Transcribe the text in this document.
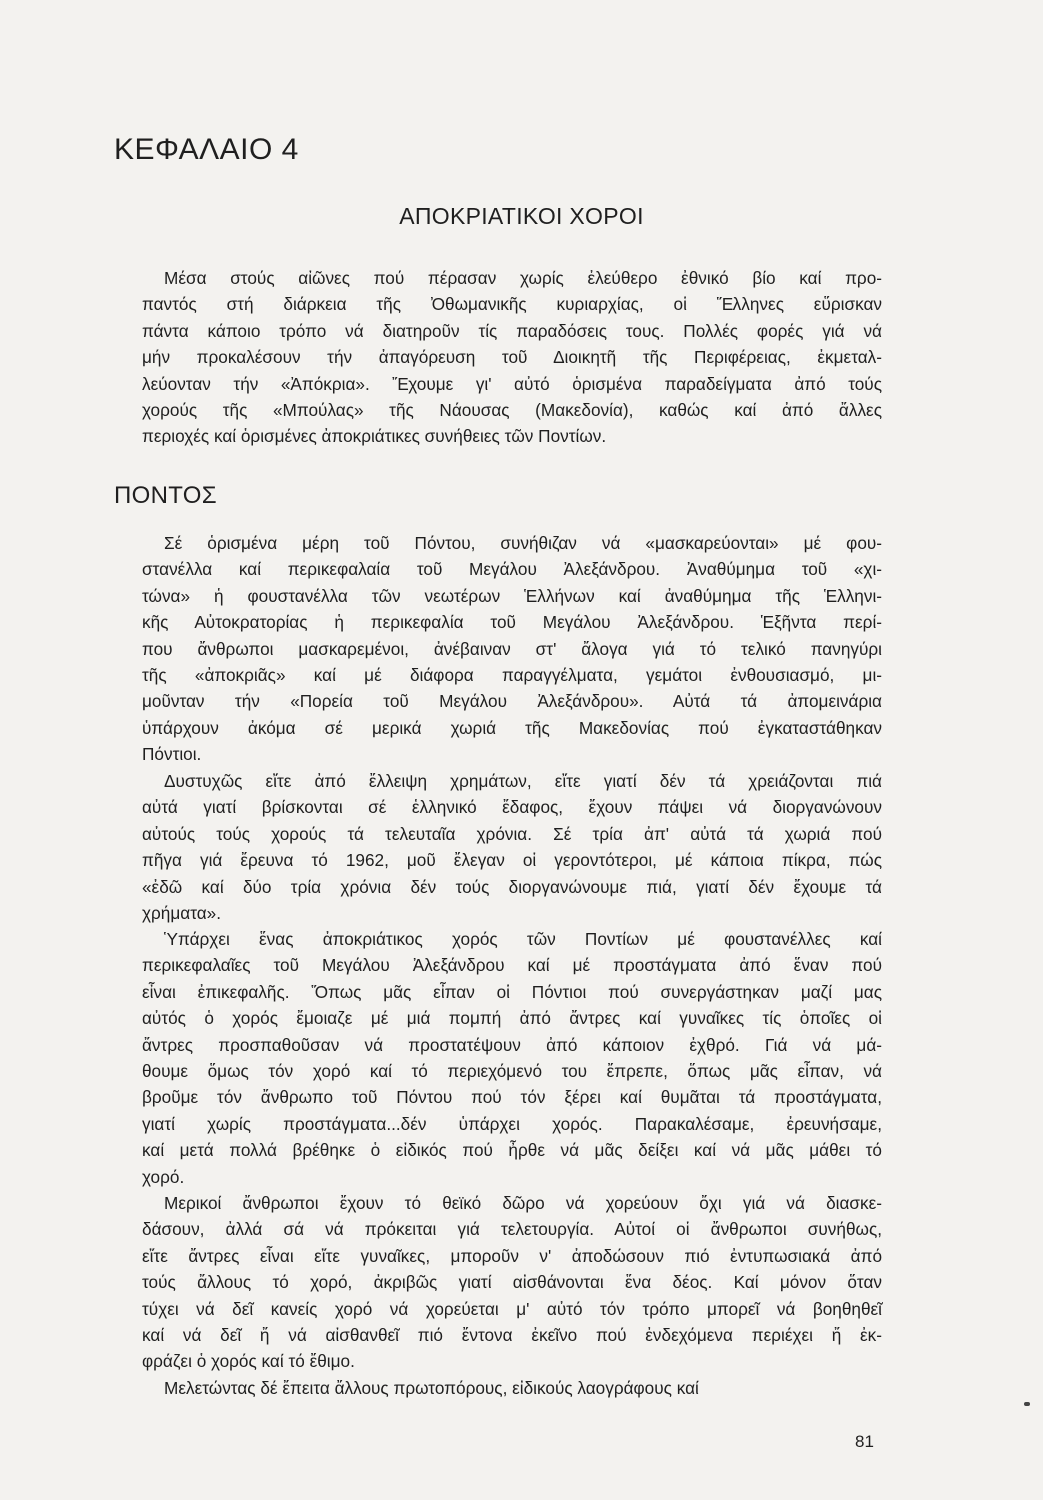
ΚΕΦΑΛΑΙΟ 4
ΑΠΟΚΡΙΑΤΙΚΟΙ ΧΟΡΟΙ
Μέσα στούς αἰῶνες πού πέρασαν χωρίς ἐλεύθερο ἐθνικό βίο καί προ-
παντός στή διάρκεια τῆς Ὀθωμανικῆς κυριαρχίας, οἱ Ἕλληνες εὕρισκαν
πάντα κάποιο τρόπο νά διατηροῦν τίς παραδόσεις τους. Πολλές φορές γιά νά
μήν προκαλέσουν τήν ἀπαγόρευση τοῦ Διοικητῆ τῆς Περιφέρειας, ἐκμεταλ-
λεύονταν τήν «Ἀπόκρια». Ἔχουμε γι' αὐτό ὁρισμένα παραδείγματα ἀπό τούς
χορούς τῆς «Μπούλας» τῆς Νάουσας (Μακεδονία), καθώς καί ἀπό ἄλλες
περιοχές καί ὁρισμένες ἀποκριάτικες συνήθειες τῶν Ποντίων.
ΠΟΝΤΟΣ
Σέ ὁρισμένα μέρη τοῦ Πόντου, συνήθιζαν νά «μασκαρεύονται» μέ φου-
στανέλλα καί περικεφαλαία τοῦ Μεγάλου Ἀλεξάνδρου. Ἀναθύμημα τοῦ «χι-
τώνα» ἡ φουστανέλλα τῶν νεωτέρων Ἑλλήνων καί ἀναθύμημα τῆς Ἑλληνι-
κῆς Αὐτοκρατορίας ἡ περικεφαλία τοῦ Μεγάλου Ἀλεξάνδρου. Ἑξῆντα περί-
που ἄνθρωποι μασκαρεμένοι, ἀνέβαιναν στ' ἄλογα γιά τό τελικό πανηγύρι
τῆς «ἀποκριᾶς» καί μέ διάφορα παραγγέλματα, γεμάτοι ἐνθουσιασμό, μι-
μοῦνταν τήν «Πορεία τοῦ Μεγάλου Ἀλεξάνδρου». Αὐτά τά ἀπομεινάρια
ὑπάρχουν ἀκόμα σέ μερικά χωριά τῆς Μακεδονίας πού ἐγκαταστάθηκαν
Πόντιοι.
Δυστυχῶς εἴτε ἀπό ἔλλειψη χρημάτων, εἴτε γιατί δέν τά χρειάζονται πιά
αὐτά γιατί βρίσκονται σέ ἑλληνικό ἔδαφος, ἔχουν πάψει νά διοργανώνουν
αὐτούς τούς χορούς τά τελευταῖα χρόνια. Σέ τρία ἀπ' αὐτά τά χωριά πού
πῆγα γιά ἔρευνα τό 1962, μοῦ ἔλεγαν οἱ γεροντότεροι, μέ κάποια πίκρα, πώς
«ἐδῶ καί δύο τρία χρόνια δέν τούς διοργανώνουμε πιά, γιατί δέν ἔχουμε τά
χρήματα».
Ὑπάρχει ἕνας ἀποκριάτικος χορός τῶν Ποντίων μέ φουστανέλλες καί
περικεφαλαῖες τοῦ Μεγάλου Ἀλεξάνδρου καί μέ προστάγματα ἀπό ἕναν πού
εἶναι ἐπικεφαλῆς. Ὅπως μᾶς εἶπαν οἱ Πόντιοι πού συνεργάστηκαν μαζί μας
αὐτός ὁ χορός ἔμοιαζε μέ μιά πομπή ἀπό ἄντρες καί γυναῖκες τίς ὁποῖες οἱ
ἄντρες προσπαθοῦσαν νά προστατέψουν ἀπό κάποιον ἐχθρό. Γιά νά μά-
θουμε ὅμως τόν χορό καί τό περιεχόμενό του ἔπρεπε, ὅπως μᾶς εἶπαν, νά
βροῦμε τόν ἄνθρωπο τοῦ Πόντου πού τόν ξέρει καί θυμᾶται τά προστάγματα,
γιατί χωρίς προστάγματα...δέν ὑπάρχει χορός. Παρακαλέσαμε, ἐρευνήσαμε,
καί μετά πολλά βρέθηκε ὁ εἰδικός πού ἦρθε νά μᾶς δείξει καί νά μᾶς μάθει τό
χορό.
Μερικοί ἄνθρωποι ἔχουν τό θεϊκό δῶρο νά χορεύουν ὄχι γιά νά διασκε-
δάσουν, ἀλλά σά νά πρόκειται γιά τελετουργία. Αὐτοί οἱ ἄνθρωποι συνήθως,
εἴτε ἄντρες εἶναι εἴτε γυναῖκες, μποροῦν ν' ἀποδώσουν πιό ἐντυπωσιακά ἀπό
τούς ἄλλους τό χορό, ἀκριβῶς γιατί αἰσθάνονται ἕνα δέος. Καί μόνον ὅταν
τύχει νά δεῖ κανείς χορό νά χορεύεται μ' αὐτό τόν τρόπο μπορεῖ νά βοηθηθεῖ
καί νά δεῖ ἤ νά αἰσθανθεῖ πιό ἔντονα ἐκεῖνο πού ἐνδεχόμενα περιέχει ἤ ἐκ-
φράζει ὁ χορός καί τό ἔθιμο.
Μελετώντας δέ ἔπειτα ἄλλους πρωτοπόρους, εἰδικούς λαογράφους καί
81
